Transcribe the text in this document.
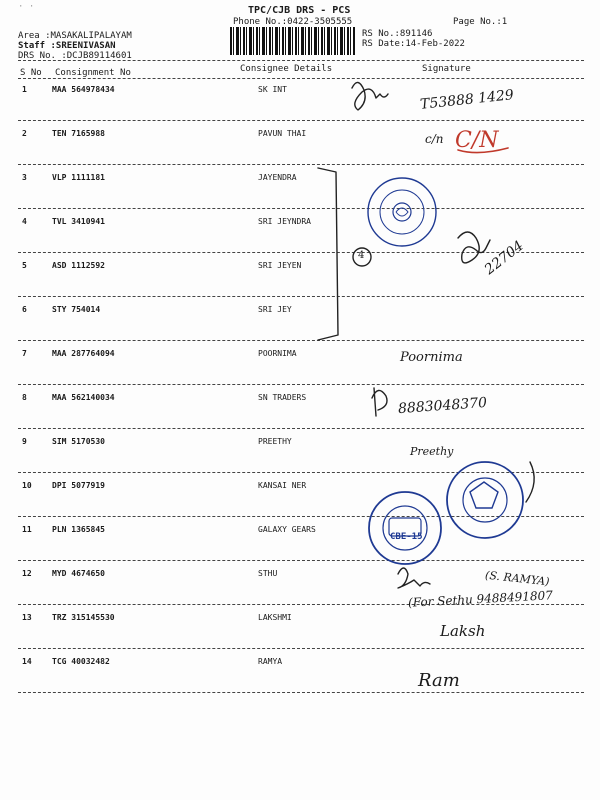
· ·	TPC/CJB DRS - PCS
Phone No.:0422-3505555	Page No.:1
Area :MASAKALIPALAYAM
Staff :SREENIVASAN
DRS No. :DCJB89114601
RS No.:891146
RS Date:14-Feb-2022
S No Consignment No	Consignee Details	Signature
1	MAA 564978434	SK INT
2	TEN 7165988	PAVUN THAI
3	VLP 1111181	JAYENDRA
4	TVL 3410941	SRI JEYNDRA
5	ASD 1112592	SRI JEYEN
6	STY 754014	SRI JEY
7	MAA 287764094	POORNIMA
8	MAA 562140034	SN TRADERS
9	SIM 5170530	PREETHY
10	DPI 5077919	KANSAI NER
11	PLN 1365845	GALAXY GEARS
12	MYD 4674650	STHU
13	TRZ 315145530	LAKSHMI
14	TCG 40032482	RAMYA
T53888 1429
c/n C/N
22704
4
Poornima
8883048370
Preethy
(S. RAMYA)
(For Sethu 9488491807
Laksh
Ram
CBE-15
